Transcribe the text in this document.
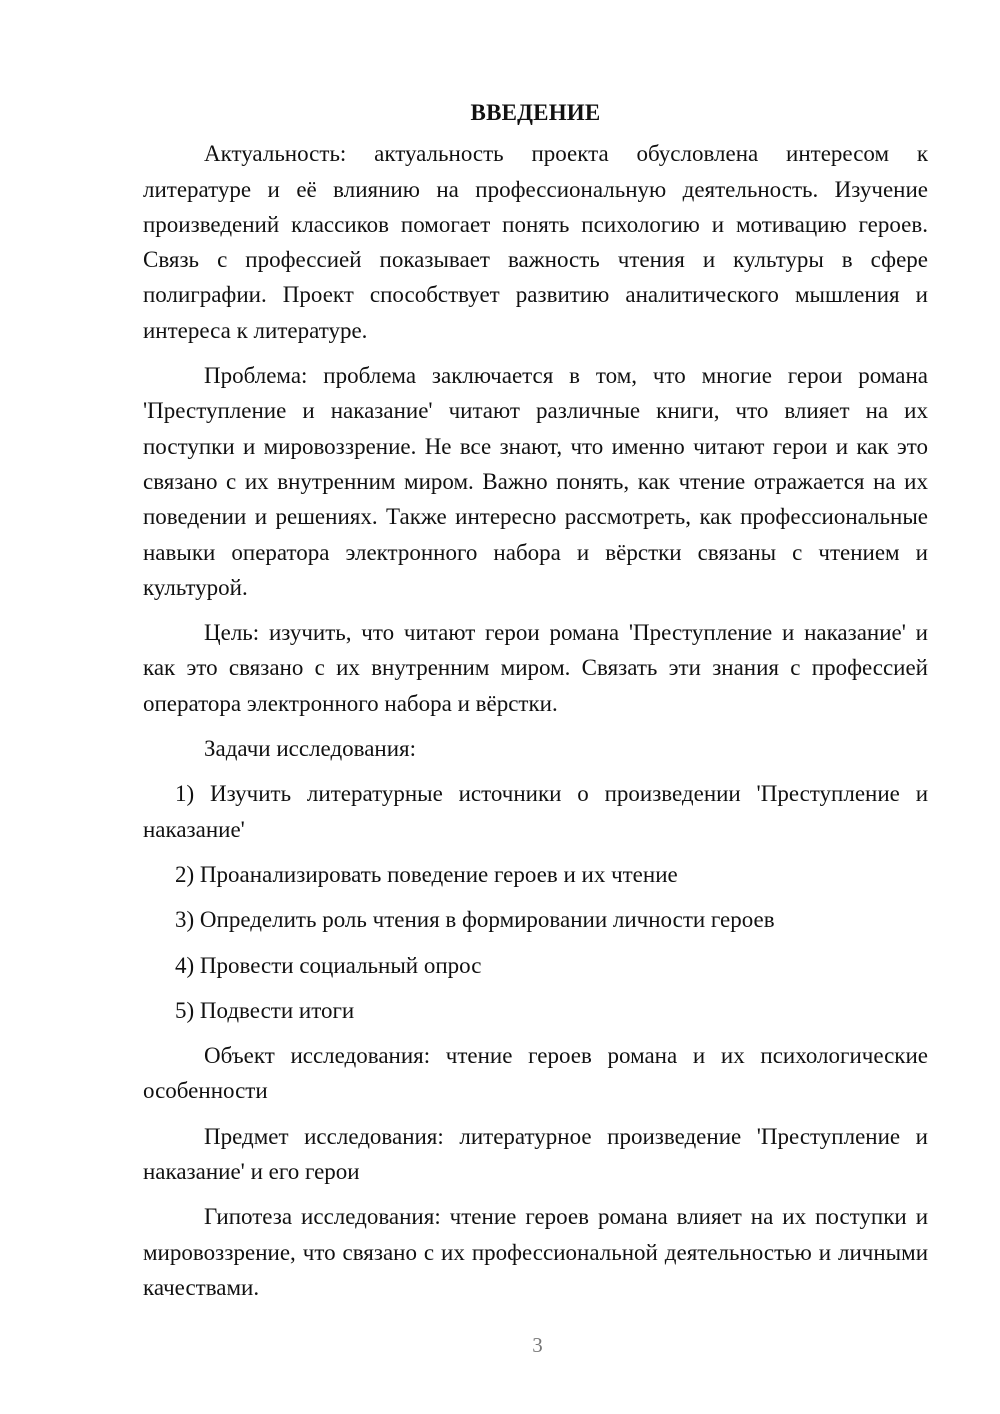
ВВЕДЕНИЕ

Актуальность: актуальность проекта обусловлена интересом к литературе и её влиянию на профессиональную деятельность. Изучение произведений классиков помогает понять психологию и мотивацию героев. Связь с профессией показывает важность чтения и культуры в сфере полиграфии. Проект способствует развитию аналитического мышления и интереса к литературе.

Проблема: проблема заключается в том, что многие герои романа 'Преступление и наказание' читают различные книги, что влияет на их поступки и мировоззрение. Не все знают, что именно читают герои и как это связано с их внутренним миром. Важно понять, как чтение отражается на их поведении и решениях. Также интересно рассмотреть, как профессиональные навыки оператора электронного набора и вёрстки связаны с чтением и культурой.

Цель: изучить, что читают герои романа 'Преступление и наказание' и как это связано с их внутренним миром. Связать эти знания с профессией оператора электронного набора и вёрстки.

Задачи исследования:

1) Изучить литературные источники о произведении 'Преступление и наказание'

2) Проанализировать поведение героев и их чтение

3) Определить роль чтения в формировании личности героев

4) Провести социальный опрос

5) Подвести итоги

Объект исследования: чтение героев романа и их психологические особенности

Предмет исследования: литературное произведение 'Преступление и наказание' и его герои

Гипотеза исследования: чтение героев романа влияет на их поступки и мировоззрение, что связано с их профессиональной деятельностью и личными качествами.

3
